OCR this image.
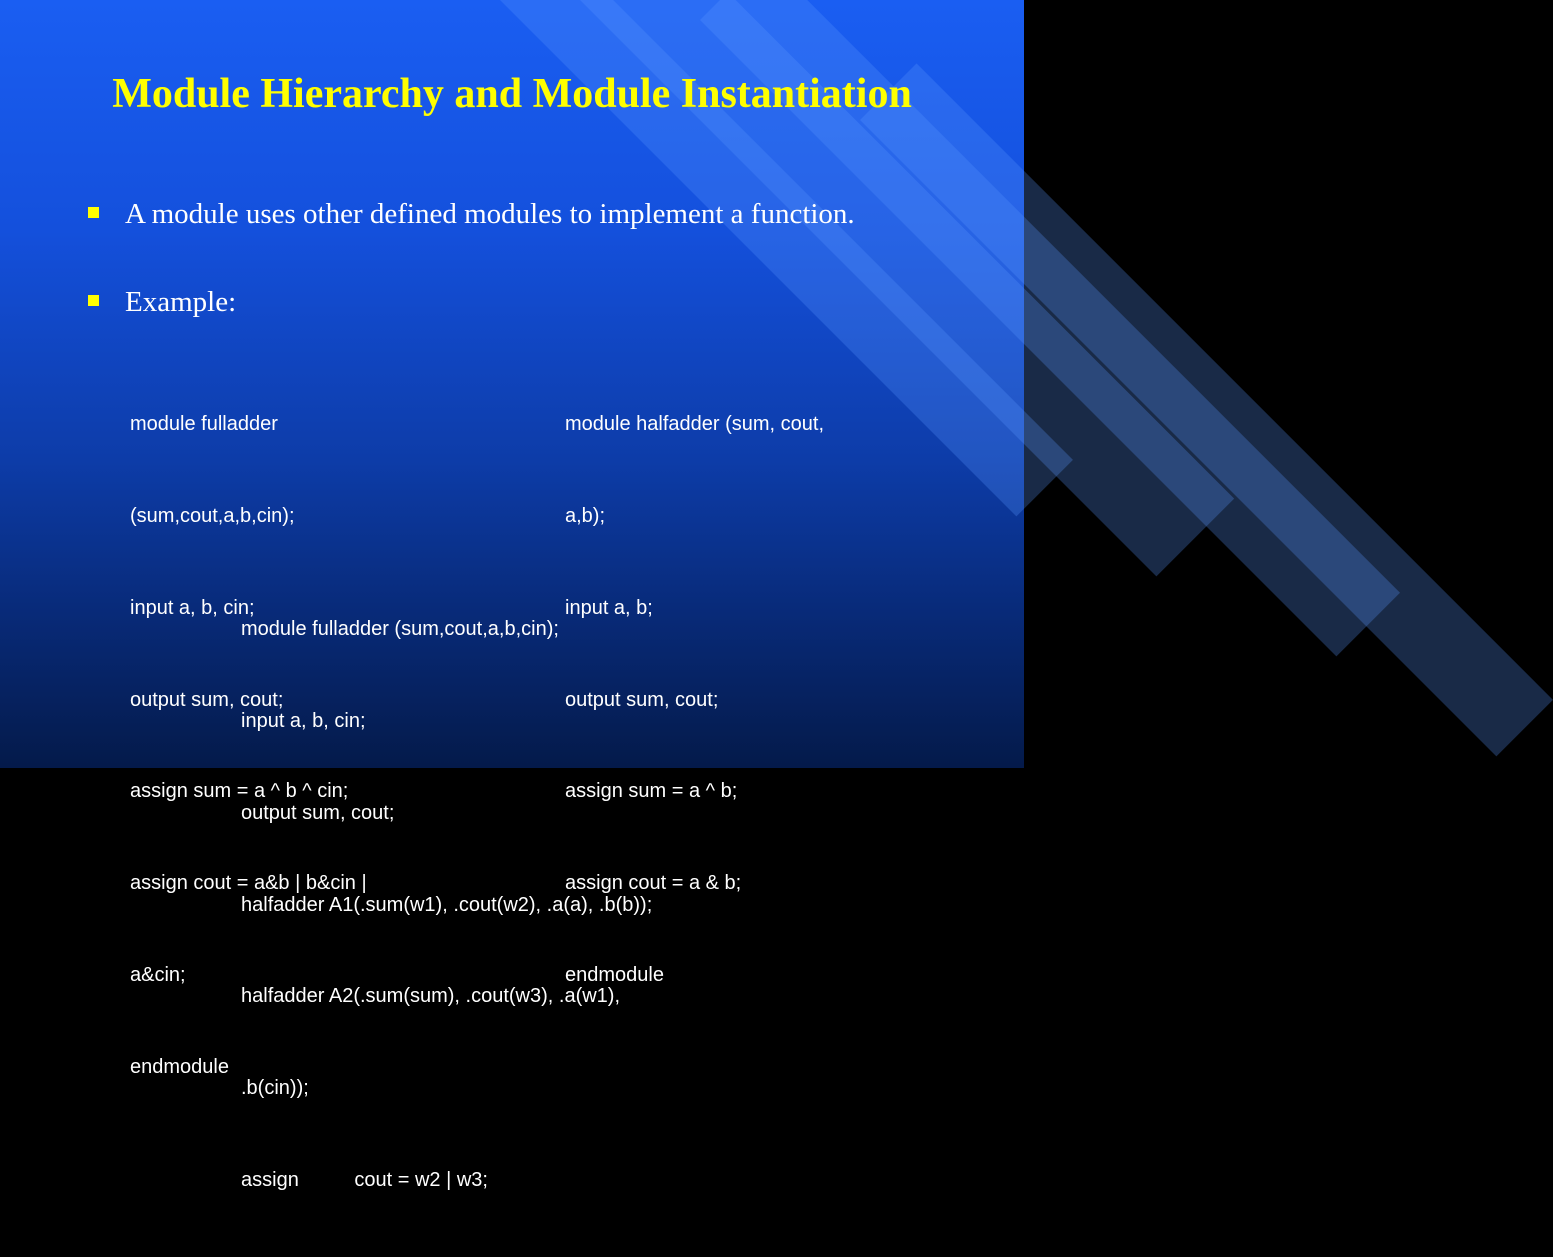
Module Hierarchy and Module Instantiation
A module uses other defined modules to implement a function.
Example:

module fulladder

(sum,cout,a,b,cin);

input a, b, cin;

output sum, cout;

assign sum = a ^ b ^ cin;

assign cout = a&b | b&cin |

a&cin;

endmodule

module halfadder (sum, cout,

a,b);

input a, b;

output sum, cout;

assign sum = a ^ b;

assign cout = a & b;

endmodule

module fulladder (sum,cout,a,b,cin);

input a, b, cin;

output sum, cout;

halfadder A1(.sum(w1), .cout(w2), .a(a), .b(b));

halfadder A2(.sum(sum), .cout(w3), .a(w1),

.b(cin));

assign          cout = w2 | w3;
